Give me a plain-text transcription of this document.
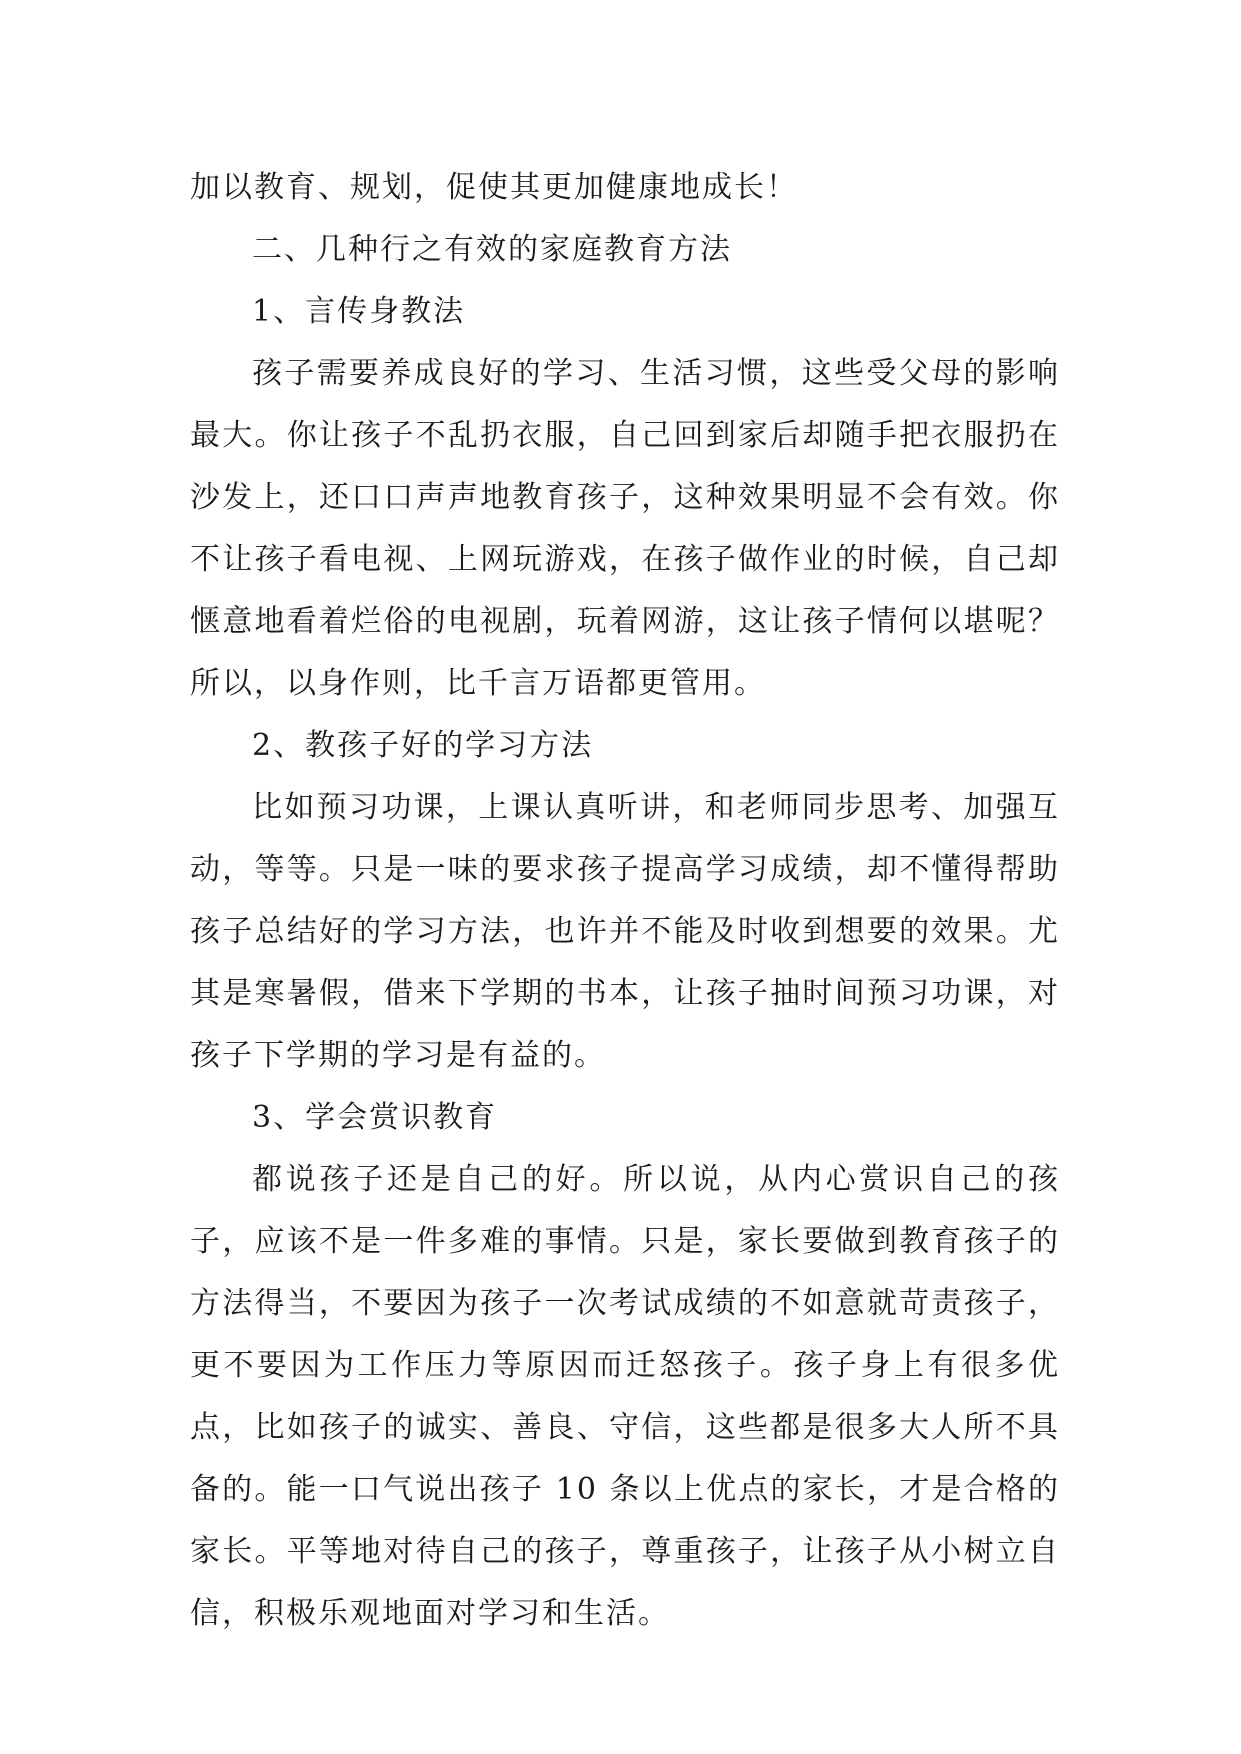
加以教育、规划，促使其更加健康地成长！

二、几种行之有效的家庭教育方法

1、言传身教法

孩子需要养成良好的学习、生活习惯，这些受父母的影响最大。你让孩子不乱扔衣服，自己回到家后却随手把衣服扔在沙发上，还口口声声地教育孩子，这种效果明显不会有效。你不让孩子看电视、上网玩游戏，在孩子做作业的时候，自己却惬意地看着烂俗的电视剧，玩着网游，这让孩子情何以堪呢？所以，以身作则，比千言万语都更管用。

2、教孩子好的学习方法

比如预习功课，上课认真听讲，和老师同步思考、加强互动，等等。只是一味的要求孩子提高学习成绩，却不懂得帮助孩子总结好的学习方法，也许并不能及时收到想要的效果。尤其是寒暑假，借来下学期的书本，让孩子抽时间预习功课，对孩子下学期的学习是有益的。

3、学会赏识教育

都说孩子还是自己的好。所以说，从内心赏识自己的孩子，应该不是一件多难的事情。只是，家长要做到教育孩子的方法得当，不要因为孩子一次考试成绩的不如意就苛责孩子，更不要因为工作压力等原因而迁怒孩子。孩子身上有很多优点，比如孩子的诚实、善良、守信，这些都是很多大人所不具备的。能一口气说出孩子 10 条以上优点的家长，才是合格的家长。平等地对待自己的孩子，尊重孩子，让孩子从小树立自信，积极乐观地面对学习和生活。
